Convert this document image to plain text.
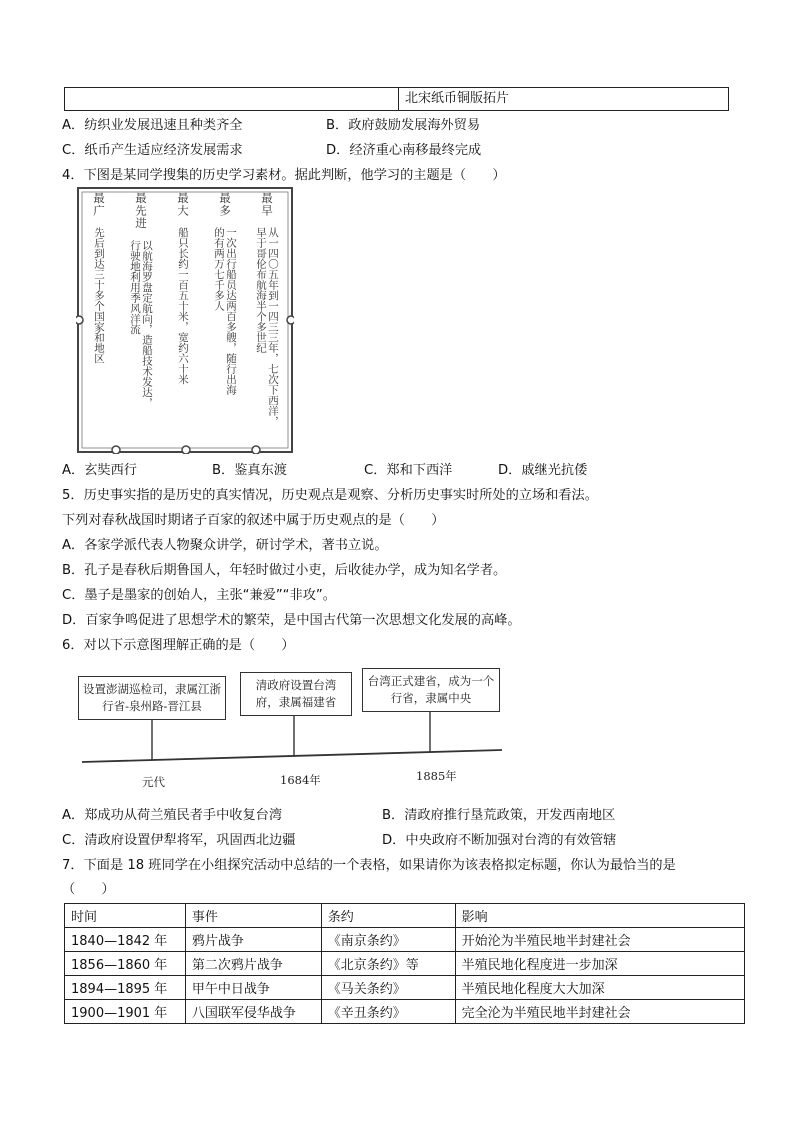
北宋纸币铜版拓片
A．纺织业发展迅速且种类齐全	B．政府鼓励发展海外贸易
C．纸币产生适应经济发展需求	D．经济重心南移最终完成
4．下图是某同学搜集的历史学习素材。据此判断，他学习的主题是（　　）
最早
从一四〇五年到一四三三年，七次下西洋，早于哥伦布航海半个多世纪
最多
一次出行船员达两百多艘，随行出海的有两万七千多人
最大
船只长约一百五十米，宽约六十米
最先进
以航海罗盘定航向，造船技术发达，行驶地利用季风洋流
最广
先后到达三十多个国家和地区
A．玄奘西行	B．鉴真东渡	C．郑和下西洋	D．戚继光抗倭
5．历史事实指的是历史的真实情况，历史观点是观察、分析历史事实时所处的立场和看法。
下列对春秋战国时期诸子百家的叙述中属于历史观点的是（　　）
A．各家学派代表人物聚众讲学，研讨学术，著书立说。
B．孔子是春秋后期鲁国人，年轻时做过小吏，后收徒办学，成为知名学者。
C．墨子是墨家的创始人，主张“兼爱”“非攻”。
D．百家争鸣促进了思想学术的繁荣，是中国古代第一次思想文化发展的高峰。
6．对以下示意图理解正确的是（　　）
设置澎湖巡检司，隶属江浙行省-泉州路-晋江县
清政府设置台湾府，隶属福建省
台湾正式建省，成为一个行省，隶属中央
元代	1684年	1885年
A．郑成功从荷兰殖民者手中收复台湾	B．清政府推行垦荒政策，开发西南地区
C．清政府设置伊犁将军，巩固西北边疆	D．中央政府不断加强对台湾的有效管辖
7．下面是 18 班同学在小组探究活动中总结的一个表格，如果请你为该表格拟定标题，你认为最恰当的是
（　　）
时间	事件	条约	影响
1840—1842 年	鸦片战争	《南京条约》	开始沦为半殖民地半封建社会
1856—1860 年	第二次鸦片战争	《北京条约》等	半殖民地化程度进一步加深
1894—1895 年	甲午中日战争	《马关条约》	半殖民地化程度大大加深
1900—1901 年	八国联军侵华战争	《辛丑条约》	完全沦为半殖民地半封建社会
